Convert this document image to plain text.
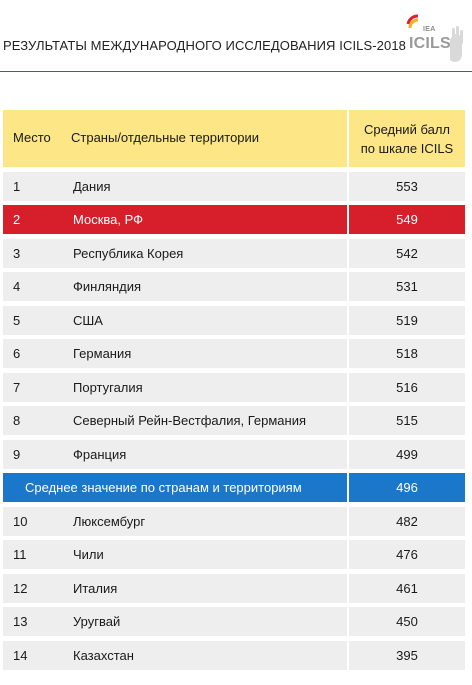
РЕЗУЛЬТАТЫ МЕЖДУНАРОДНОГО ИССЛЕДОВАНИЯ ICILS-2018
IEA
ICILS
Место Страны/отдельные территории
Средний балл
по шкале ICILS
1	Дания	553
2	Москва, РФ	549
3	Республика Корея	542
4	Финляндия	531
5	США	519
6	Германия	518
7	Португалия	516
8	Северный Рейн-Вестфалия, Германия	515
9	Франция	499
Среднее значение по странам и территориям	496
10	Люксембург	482
11	Чили	476
12	Италия	461
13	Уругвай	450
14	Казахстан	395
